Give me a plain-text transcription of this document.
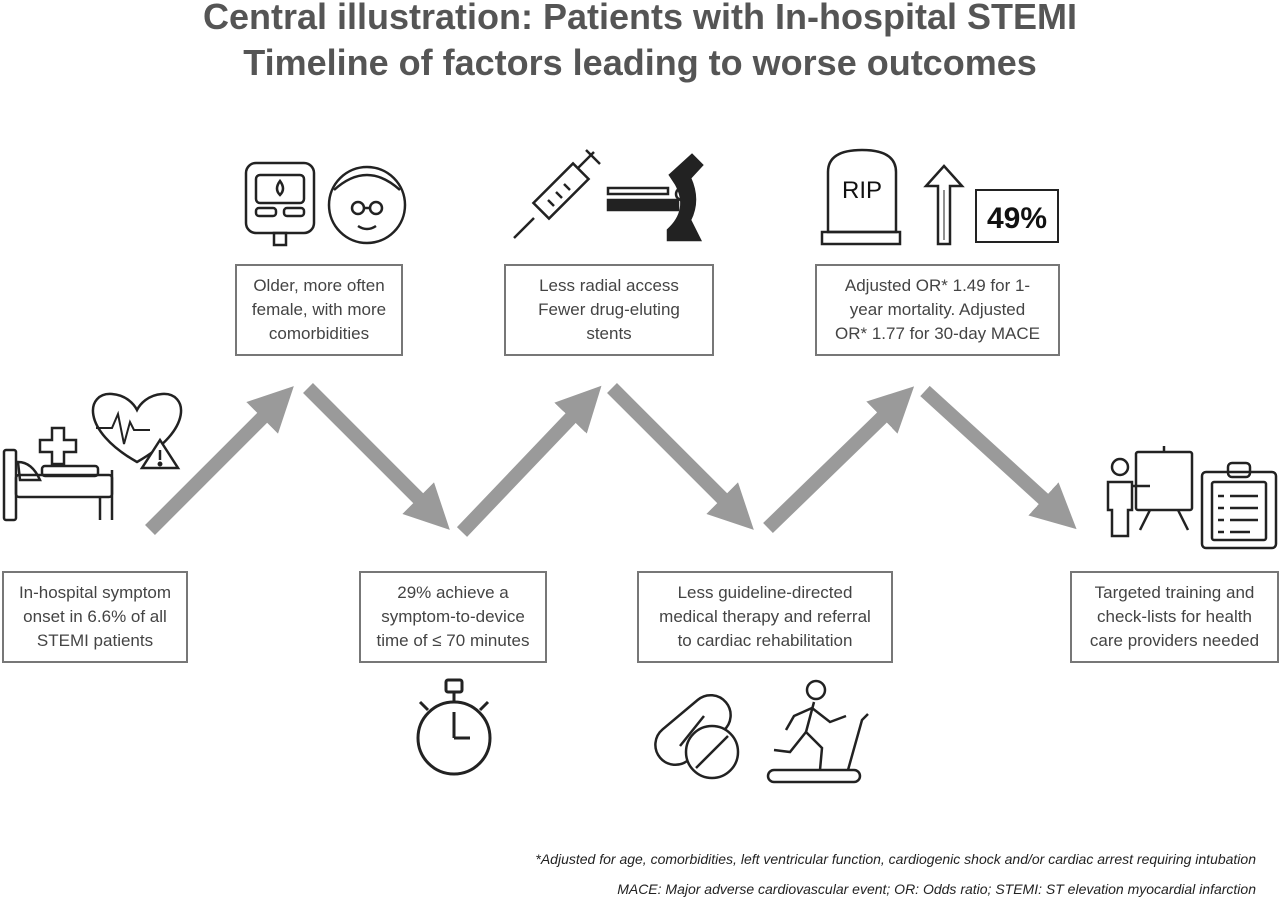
Central illustration: Patients with In-hospital STEMI
Timeline of factors leading to worse outcomes
RIP
49%
In-hospital symptom
onset in 6.6% of all
STEMI patients
Older, more often
female, with more
comorbidities
29% achieve a
symptom-to-device
time of ≤ 70 minutes
Less radial access
Fewer drug-eluting
stents
Less guideline-directed
medical therapy and referral
to cardiac rehabilitation
Adjusted OR* 1.49 for 1-
year mortality. Adjusted
OR* 1.77 for 30-day MACE
Targeted training and
check-lists for health
care providers needed
*Adjusted for age, comorbidities, left ventricular function, cardiogenic shock and/or cardiac arrest requiring intubation
MACE: Major adverse cardiovascular event; OR: Odds ratio; STEMI: ST elevation myocardial infarction
